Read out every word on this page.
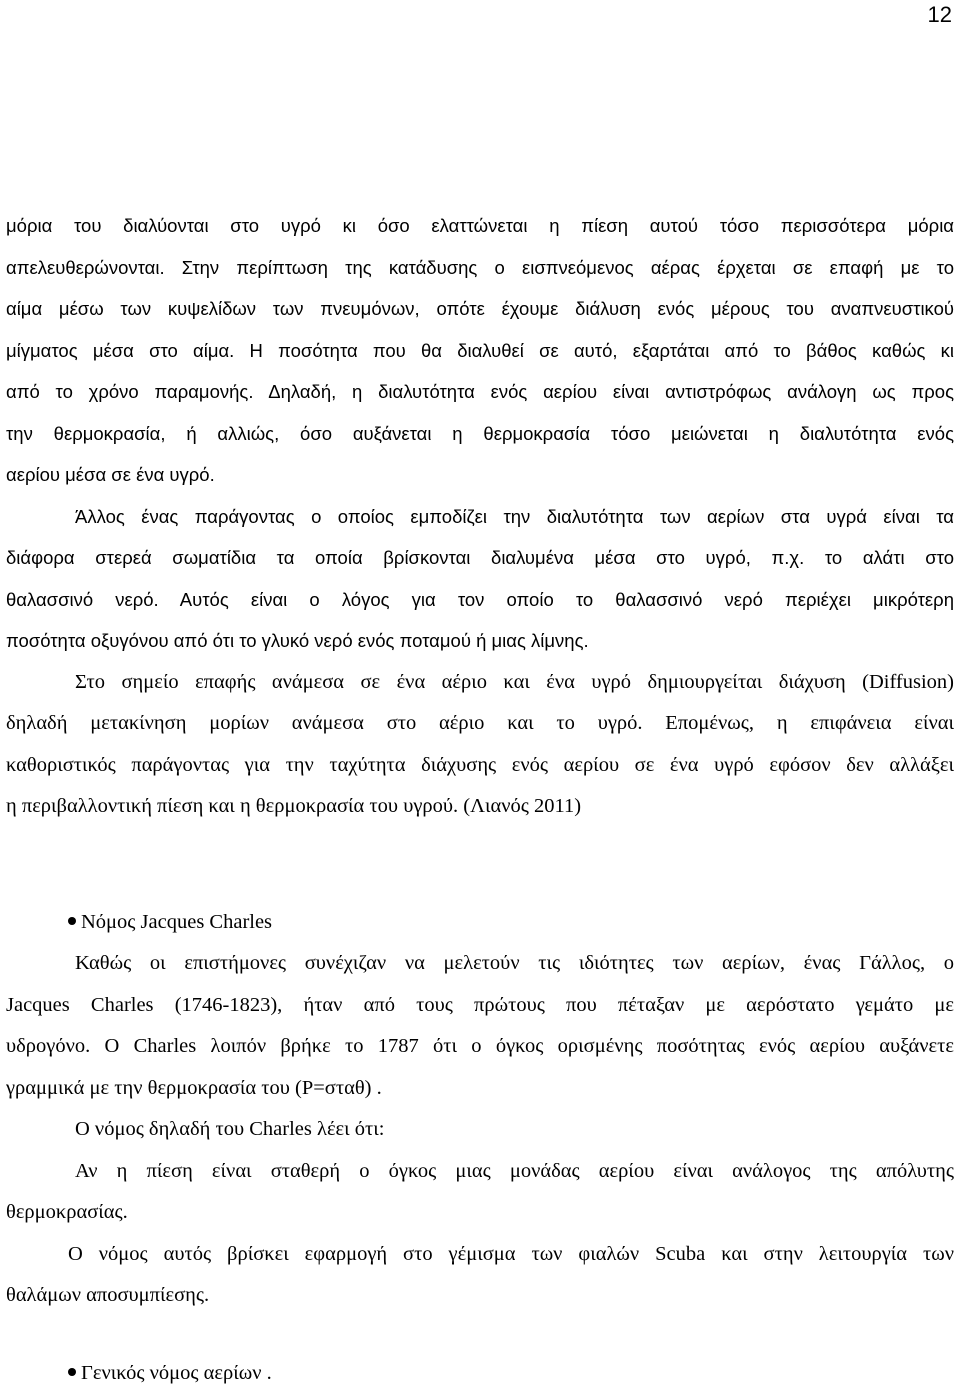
12
μόρια του διαλύονται στο υγρό κι όσο ελαττώνεται η πίεση αυτού τόσο περισσότερα μόρια
απελευθερώνονται. Στην περίπτωση της κατάδυσης ο εισπνεόμενος αέρας έρχεται σε επαφή με το
αίμα μέσω των κυψελίδων των πνευμόνων, οπότε έχουμε διάλυση ενός μέρους του αναπνευστικού
μίγματος μέσα στο αίμα. Η ποσότητα που θα διαλυθεί σε αυτό, εξαρτάται από το βάθος καθώς κι
από το χρόνο παραμονής. Δηλαδή, η διαλυτότητα ενός αερίου είναι αντιστρόφως ανάλογη ως προς
την θερμοκρασία, ή αλλιώς, όσο αυξάνεται η θερμοκρασία τόσο μειώνεται η διαλυτότητα ενός
αερίου μέσα σε ένα υγρό.
Άλλος ένας παράγοντας ο οποίος εμποδίζει την διαλυτότητα των αερίων στα υγρά είναι τα
διάφορα στερεά σωματίδια τα οποία βρίσκονται διαλυμένα μέσα στο υγρό, π.χ. το αλάτι στο
θαλασσινό νερό. Αυτός είναι ο λόγος για τον οποίο το θαλασσινό νερό περιέχει μικρότερη
ποσότητα οξυγόνου από ότι το γλυκό νερό ενός ποταμού ή μιας λίμνης.
Στο σημείο επαφής ανάμεσα σε ένα αέριο και ένα υγρό δημιουργείται διάχυση (Diffusion)
δηλαδή μετακίνηση μορίων ανάμεσα στο αέριο και το υγρό. Επομένως, η επιφάνεια είναι
καθοριστικός παράγοντας για την ταχύτητα διάχυσης ενός αερίου σε ένα υγρό εφόσον δεν αλλάξει
η περιβαλλοντική πίεση και η θερμοκρασία του υγρού. (Λιανός 2011)
Νόμος Jacques Charles
Καθώς οι επιστήμονες συνέχιζαν να μελετούν τις ιδιότητες των αερίων, ένας Γάλλος, ο
Jacques Charles (1746-1823), ήταν από τους πρώτους που πέταξαν με αερόστατο γεμάτο με
υδρογόνο. O Charles λοιπόν βρήκε το 1787 ότι ο όγκος ορισμένης ποσότητας ενός αερίου αυξάνετε
γραμμικά με την θερμοκρασία του (P=σταθ) .
Ο νόμος δηλαδή του Charles λέει ότι:
Αν η πίεση είναι σταθερή ο όγκος μιας μονάδας αερίου είναι ανάλογος της απόλυτης
θερμοκρασίας.
Ο νόμος αυτός βρίσκει εφαρμογή στο γέμισμα των φιαλών Scuba και στην λειτουργία των
θαλάμων αποσυμπίεσης.
Γενικός νόμος αερίων .
